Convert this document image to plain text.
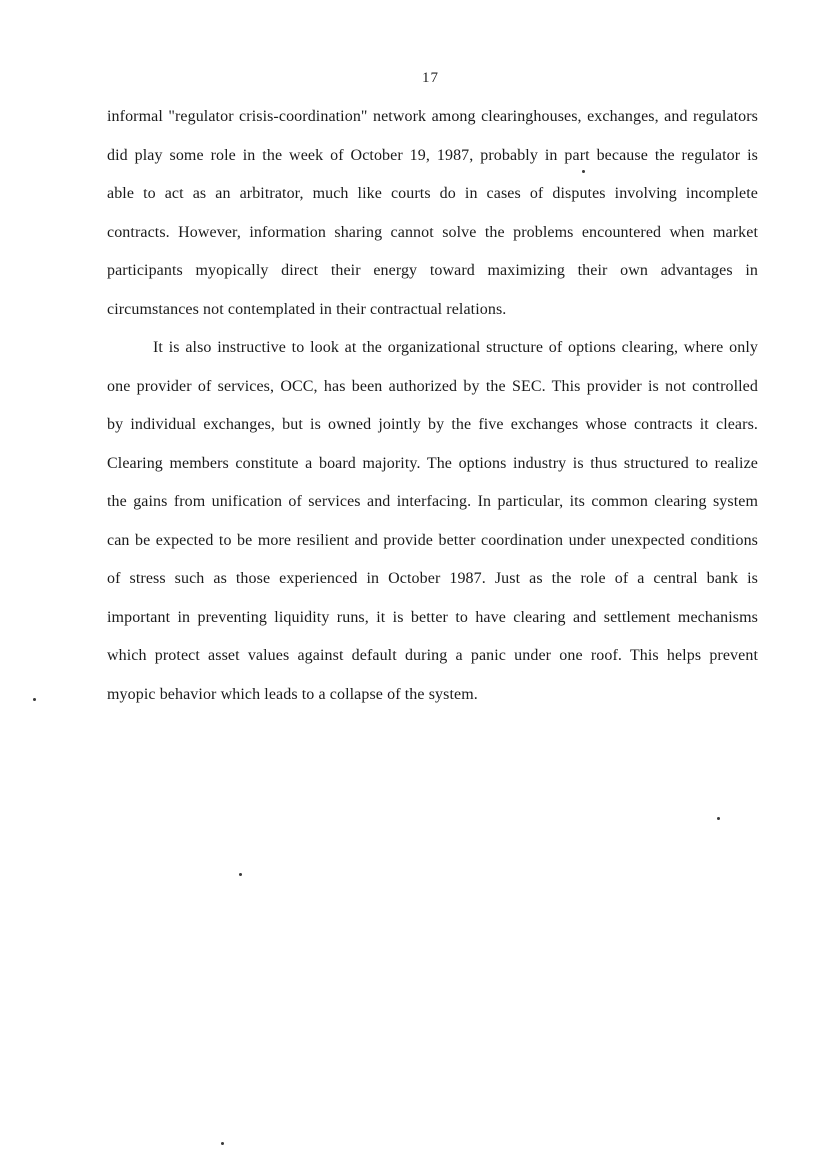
17
informal "regulator crisis-coordination" network among clearinghouses, exchanges, and regulators
did play some role in the week of October 19, 1987, probably in part because the regulator is
able to act as an arbitrator, much like courts do in cases of disputes involving incomplete
contracts. However, information sharing cannot solve the problems encountered when market
participants myopically direct their energy toward maximizing their own advantages in
circumstances not contemplated in their contractual relations.
It is also instructive to look at the organizational structure of options clearing, where only
one provider of services, OCC, has been authorized by the SEC. This provider is not controlled
by individual exchanges, but is owned jointly by the five exchanges whose contracts it clears.
Clearing members constitute a board majority. The options industry is thus structured to realize
the gains from unification of services and interfacing. In particular, its common clearing system
can be expected to be more resilient and provide better coordination under unexpected conditions
of stress such as those experienced in October 1987. Just as the role of a central bank is
important in preventing liquidity runs, it is better to have clearing and settlement mechanisms
which protect asset values against default during a panic under one roof. This helps prevent
myopic behavior which leads to a collapse of the system.
